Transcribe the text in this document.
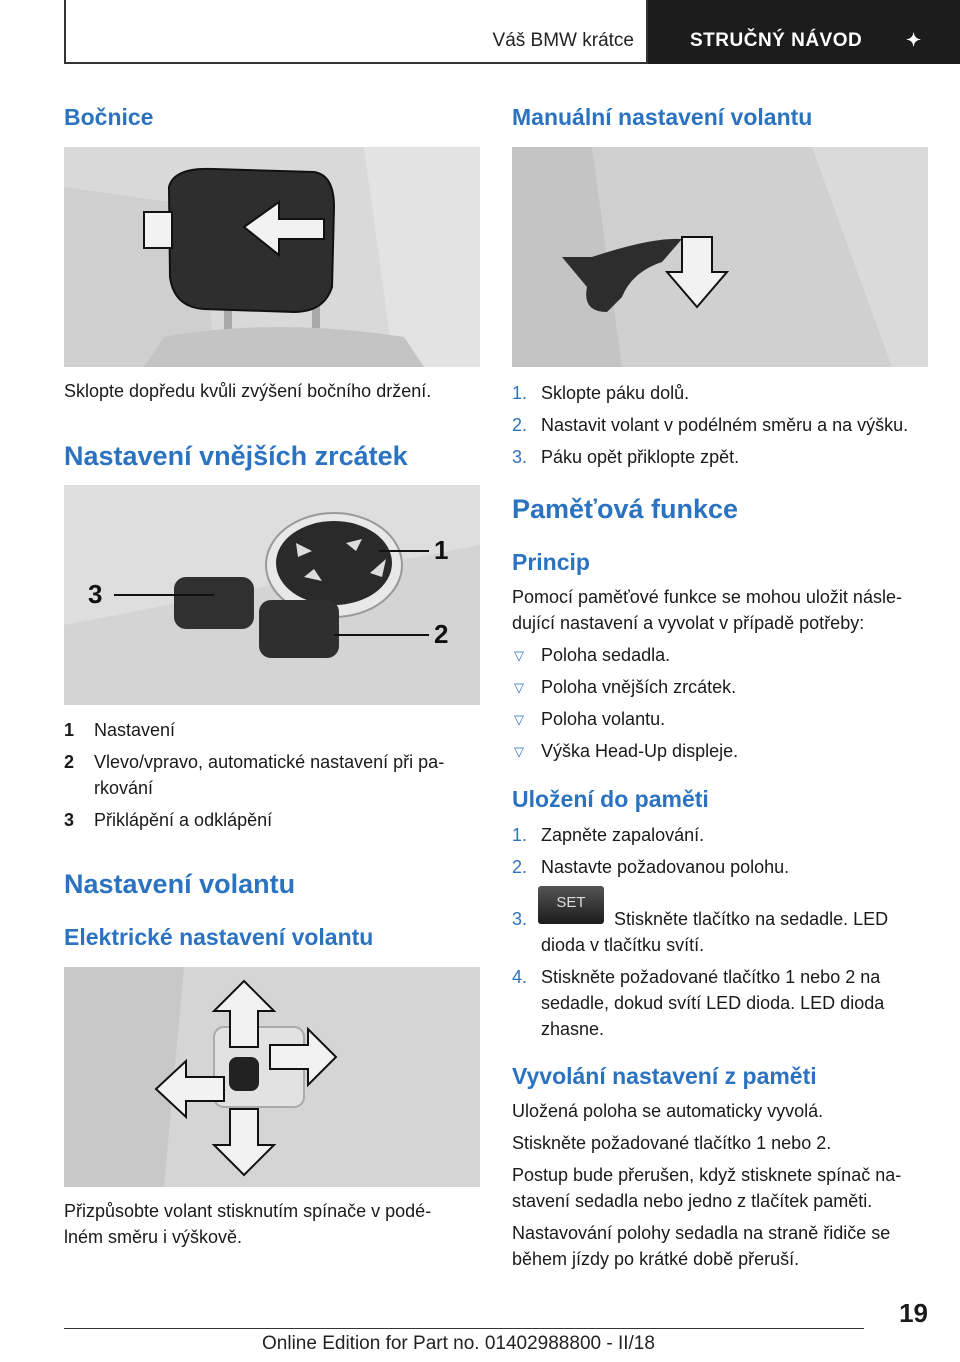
Váš BMW krátce	STRUČNÝ NÁVOD ✦
Bočnice
Sklopte dopředu kvůli zvýšení bočního držení.
Nastavení vnějších zrcátek
1
2
3
1 Nastavení
2 Vlevo/vpravo, automatické nastavení při pa‐
rkování
3 Přiklápění a odklápění
Nastavení volantu
Elektrické nastavení volantu
Přizpůsobte volant stisknutím spínače v podé‐
lném směru i výškově.
Manuální nastavení volantu
1. Sklopte páku dolů.
2. Nastavit volant v podélném směru a na výšku.
3. Páku opět přiklopte zpět.
Paměťová funkce
Princip
Pomocí paměťové funkce se mohou uložit násle‐
dující nastavení a vyvolat v případě potřeby:
▽ Poloha sedadla.
▽ Poloha vnějších zrcátek.
▽ Poloha volantu.
▽ Výška Head-Up displeje.
Uložení do paměti
1. Zapněte zapalování.
2. Nastavte požadovanou polohu.
3.
SET
Stiskněte tlačítko na sedadle. LED
dioda v tlačítku svítí.
4. Stiskněte požadované tlačítko 1 nebo 2 na
sedadle, dokud svítí LED dioda. LED dioda
zhasne.
Vyvolání nastavení z paměti
Uložená poloha se automaticky vyvolá.
Stiskněte požadované tlačítko 1 nebo 2.
Postup bude přerušen, když stisknete spínač na‐
stavení sedadla nebo jedno z tlačítek paměti.
Nastavování polohy sedadla na straně řidiče se
během jízdy po krátké době přeruší.
19
Online Edition for Part no. 01402988800 - II/18
